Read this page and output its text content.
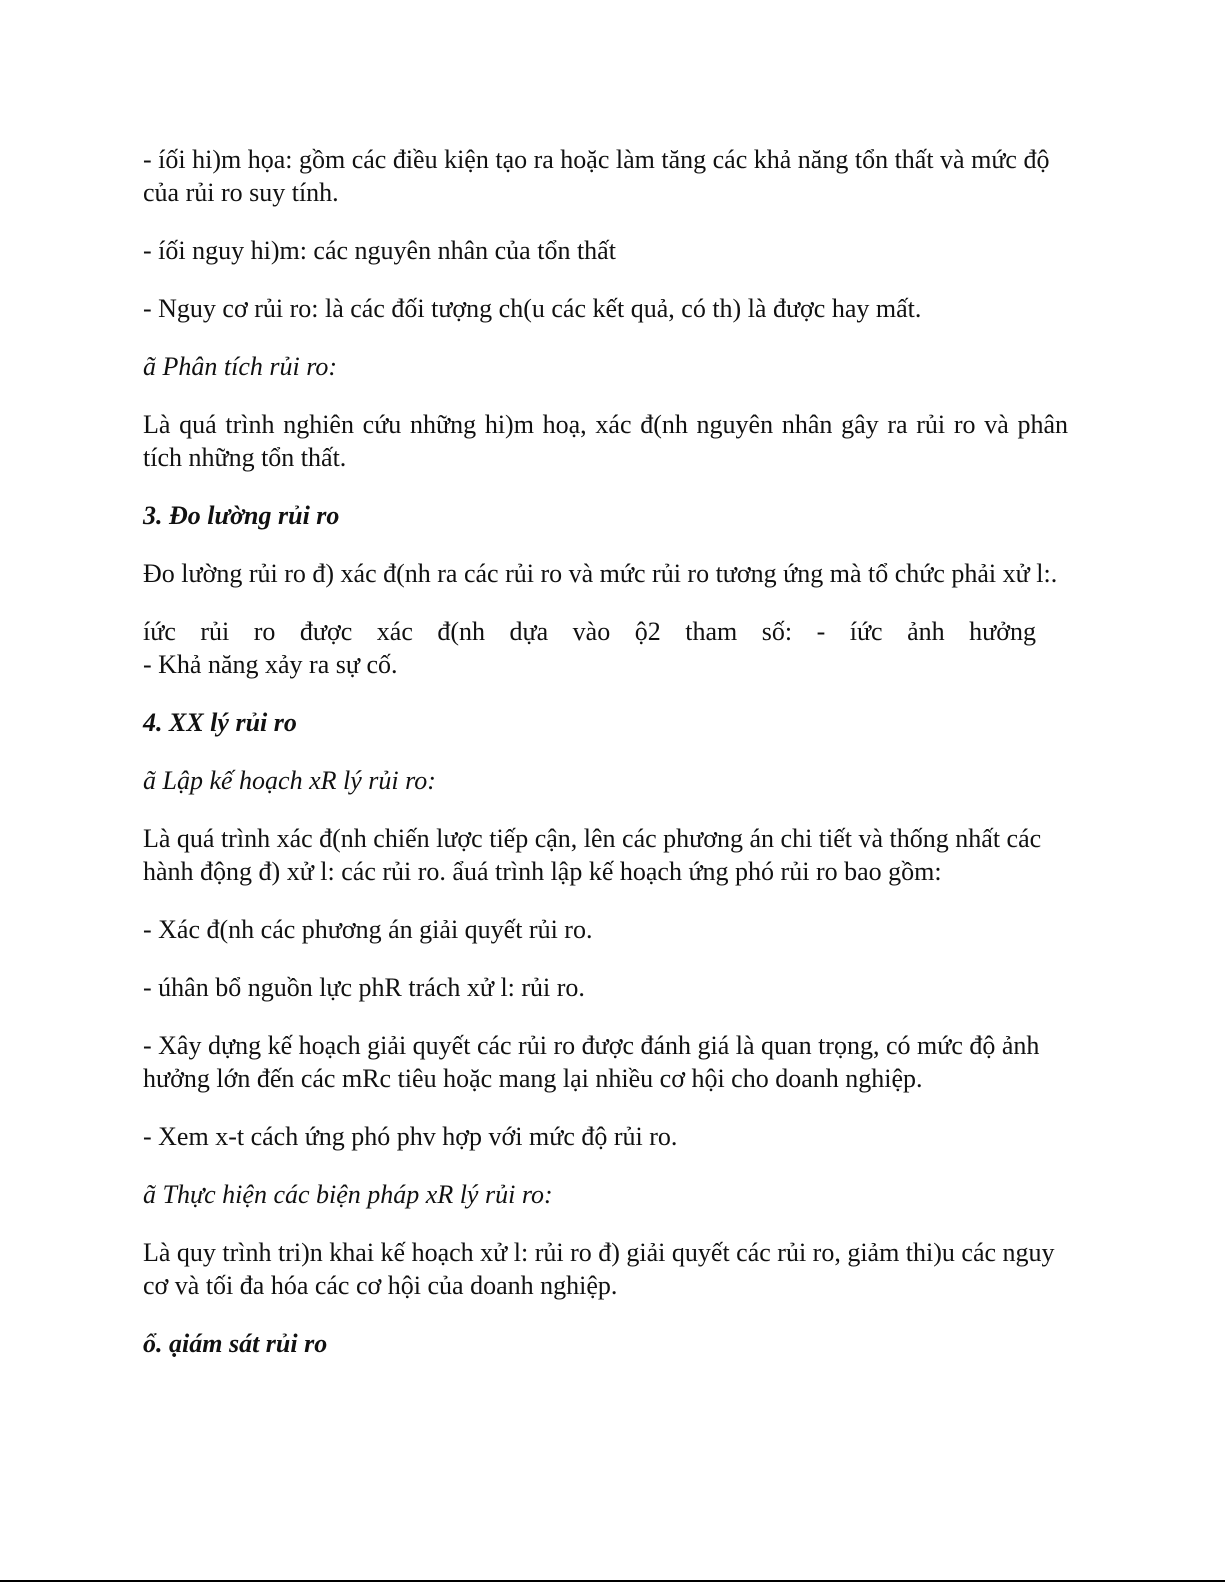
- íối hi)m họa: gồm các điều kiện tạo ra hoặc làm tăng các khả năng tổn thất và mức độ của rủi ro suy tính.

- íối nguy hi)m: các nguyên nhân của tổn thất

- Nguy cơ rủi ro: là các đối tượng ch(u các kết quả, có th) là được hay mất.

ã Phân tích rủi ro:

Là quá trình nghiên cứu những hi)m hoạ, xác đ(nh nguyên nhân gây ra rủi ro và phân tích những tổn thất.

3. Đo lường rủi ro

Đo lường rủi ro đ) xác đ(nh ra các rủi ro và mức rủi ro tương ứng mà tổ chức phải xử l:.

íức rủi ro được xác đ(nh dựa vào ộ2 tham số: - íức ảnh hưởng
- Khả năng xảy ra sự cố.

4. XX lý rủi ro

ã Lập kế hoạch xR lý rủi ro:

Là quá trình xác đ(nh chiến lược tiếp cận, lên các phương án chi tiết và thống nhất các hành động đ) xử l: các rủi ro. ẩuá trình lập kế hoạch ứng phó rủi ro bao gồm:

- Xác đ(nh các phương án giải quyết rủi ro.

- úhân bổ nguồn lực phR trách xử l: rủi ro.

- Xây dựng kế hoạch giải quyết các rủi ro được đánh giá là quan trọng, có mức độ ảnh hưởng lớn đến các mRc tiêu hoặc mang lại nhiều cơ hội cho doanh nghiệp.

- Xem x-t cách ứng phó phv hợp với mức độ rủi ro.

ã Thực hiện các biện pháp xR lý rủi ro:

Là quy trình tri)n khai kế hoạch xử l: rủi ro đ) giải quyết các rủi ro, giảm thi)u các nguy cơ và tối đa hóa các cơ hội của doanh nghiệp.

ổ. ạiám sát rủi ro
